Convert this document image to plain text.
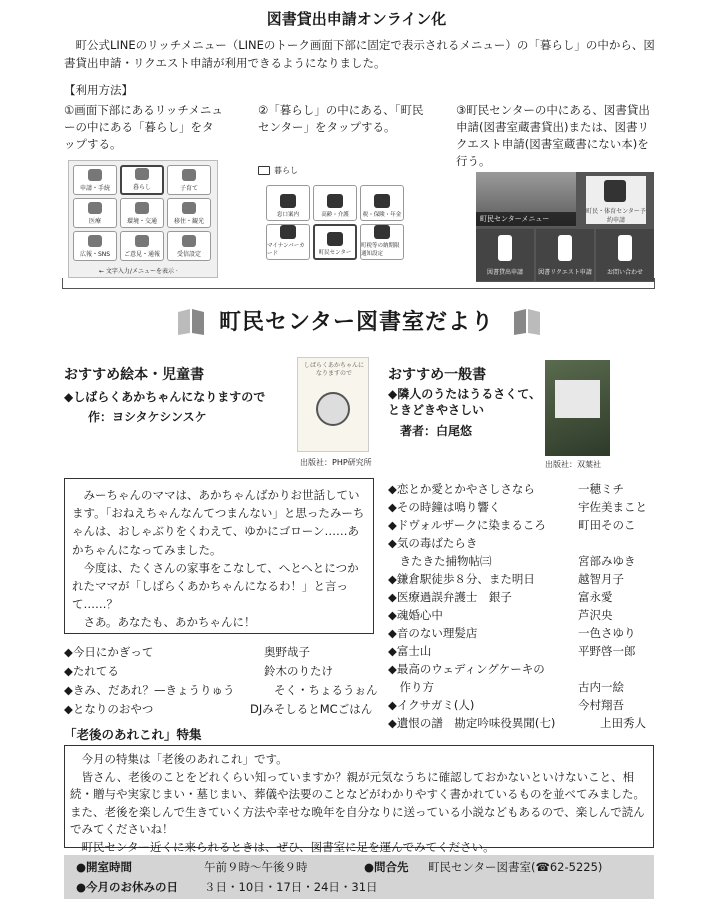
図書貸出申請オンライン化
町公式LINEのリッチメニュー（LINEのトーク画面下部に固定で表示されるメニュー）の「暮らし」の中から、図書貸出申請・リクエスト申請が利用できるようになりました。
【利用方法】
①画面下部にあるリッチメニューの中にある「暮らし」をタップする。
②「暮らし」の中にある、「町民センター」をタップする。
③町民センターの中にある、図書貸出申請(図書室蔵書貸出)または、図書リクエスト申請(図書室蔵書にない本)を行う。
申請・手続	暮らし	子育て
医療	環境・交通	移住・観光
広報・SNS ご意見・通報	受信設定
← 文字入力/メニューを表示 ·
暮らし
窓口案内	高齢・介護	税・保険・年金
マイナンバーカード	町民センター
町税等の納期限通知設定
町民センターメニュー
町民・体育センター予約申請
図書貸出申請	図書リクエスト申請	お問い合わせ
町民センター図書室だより
おすすめ絵本・児童書
◆しばらくあかちゃんになりますので
作：ヨシタケシンスケ
しばらくあかちゃんになりますので
出版社：PHP研究所
おすすめ一般書
◆隣人のうたはうるさくて、ときどきやさしい
著者：白尾悠
出版社：双葉社

みーちゃんのママは、あかちゃんばかりお世話しています。「おねえちゃんなんてつまんない」と思ったみーちゃんは、おしゃぶりをくわえて、ゆかにゴローン……あかちゃんになってみました。

今度は、たくさんの家事をこなして、へとへとにつかれたママが「しばらくあかちゃんになるわ！」と言って……？

さあ。あなたも、あかちゃんに！

◆今日にかぎって	奥野哉子
◆たれてる	鈴木のりたけ
◆きみ、だあれ？—きょうりゅう	そく・ちょるうぉん
◆となりのおやつ	DJみそしるとMCごはん
◆恋とか愛とかやさしさなら	一穂ミチ
◆その時鐘は鳴り響く	宇佐美まこと
◆ドヴォルザークに染まるころ	町田そのこ
◆気の毒ばたらき
　きたきた捕物帖㈢	宮部みゆき
◆鎌倉駅徒歩８分、また明日	越智月子
◆医療過誤弁護士　銀子	富永愛
◆魂婚心中	芦沢央
◆音のない理髪店	一色さゆり
◆富士山	平野啓一郎
◆最高のウェディングケーキの
　作り方	古内一絵
◆イクサガミ(人)	今村翔吾
◆遺恨の譜　勘定吟味役異聞(七)	上田秀人
「老後のあれこれ」特集

今月の特集は「老後のあれこれ」です。

皆さん、老後のことをどれくらい知っていますか？親が元気なうちに確認しておかないといけないこと、相続・贈与や実家じまい・墓じまい、葬儀や法要のことなどがわかりやすく書かれているものを並べてみました。また、老後を楽しんで生きていく方法や幸せな晩年を自分なりに送っている小説などもあるので、楽しんで読んでみてくださいね！

町民センター近くに来られるときは、ぜひ、図書室に足を運んでみてください。

●開室時間	午前９時～午後９時	●問合先 町民センター図書室(☎62-5225)
●今月のお休みの日 ３日・10日・17日・24日・31日
